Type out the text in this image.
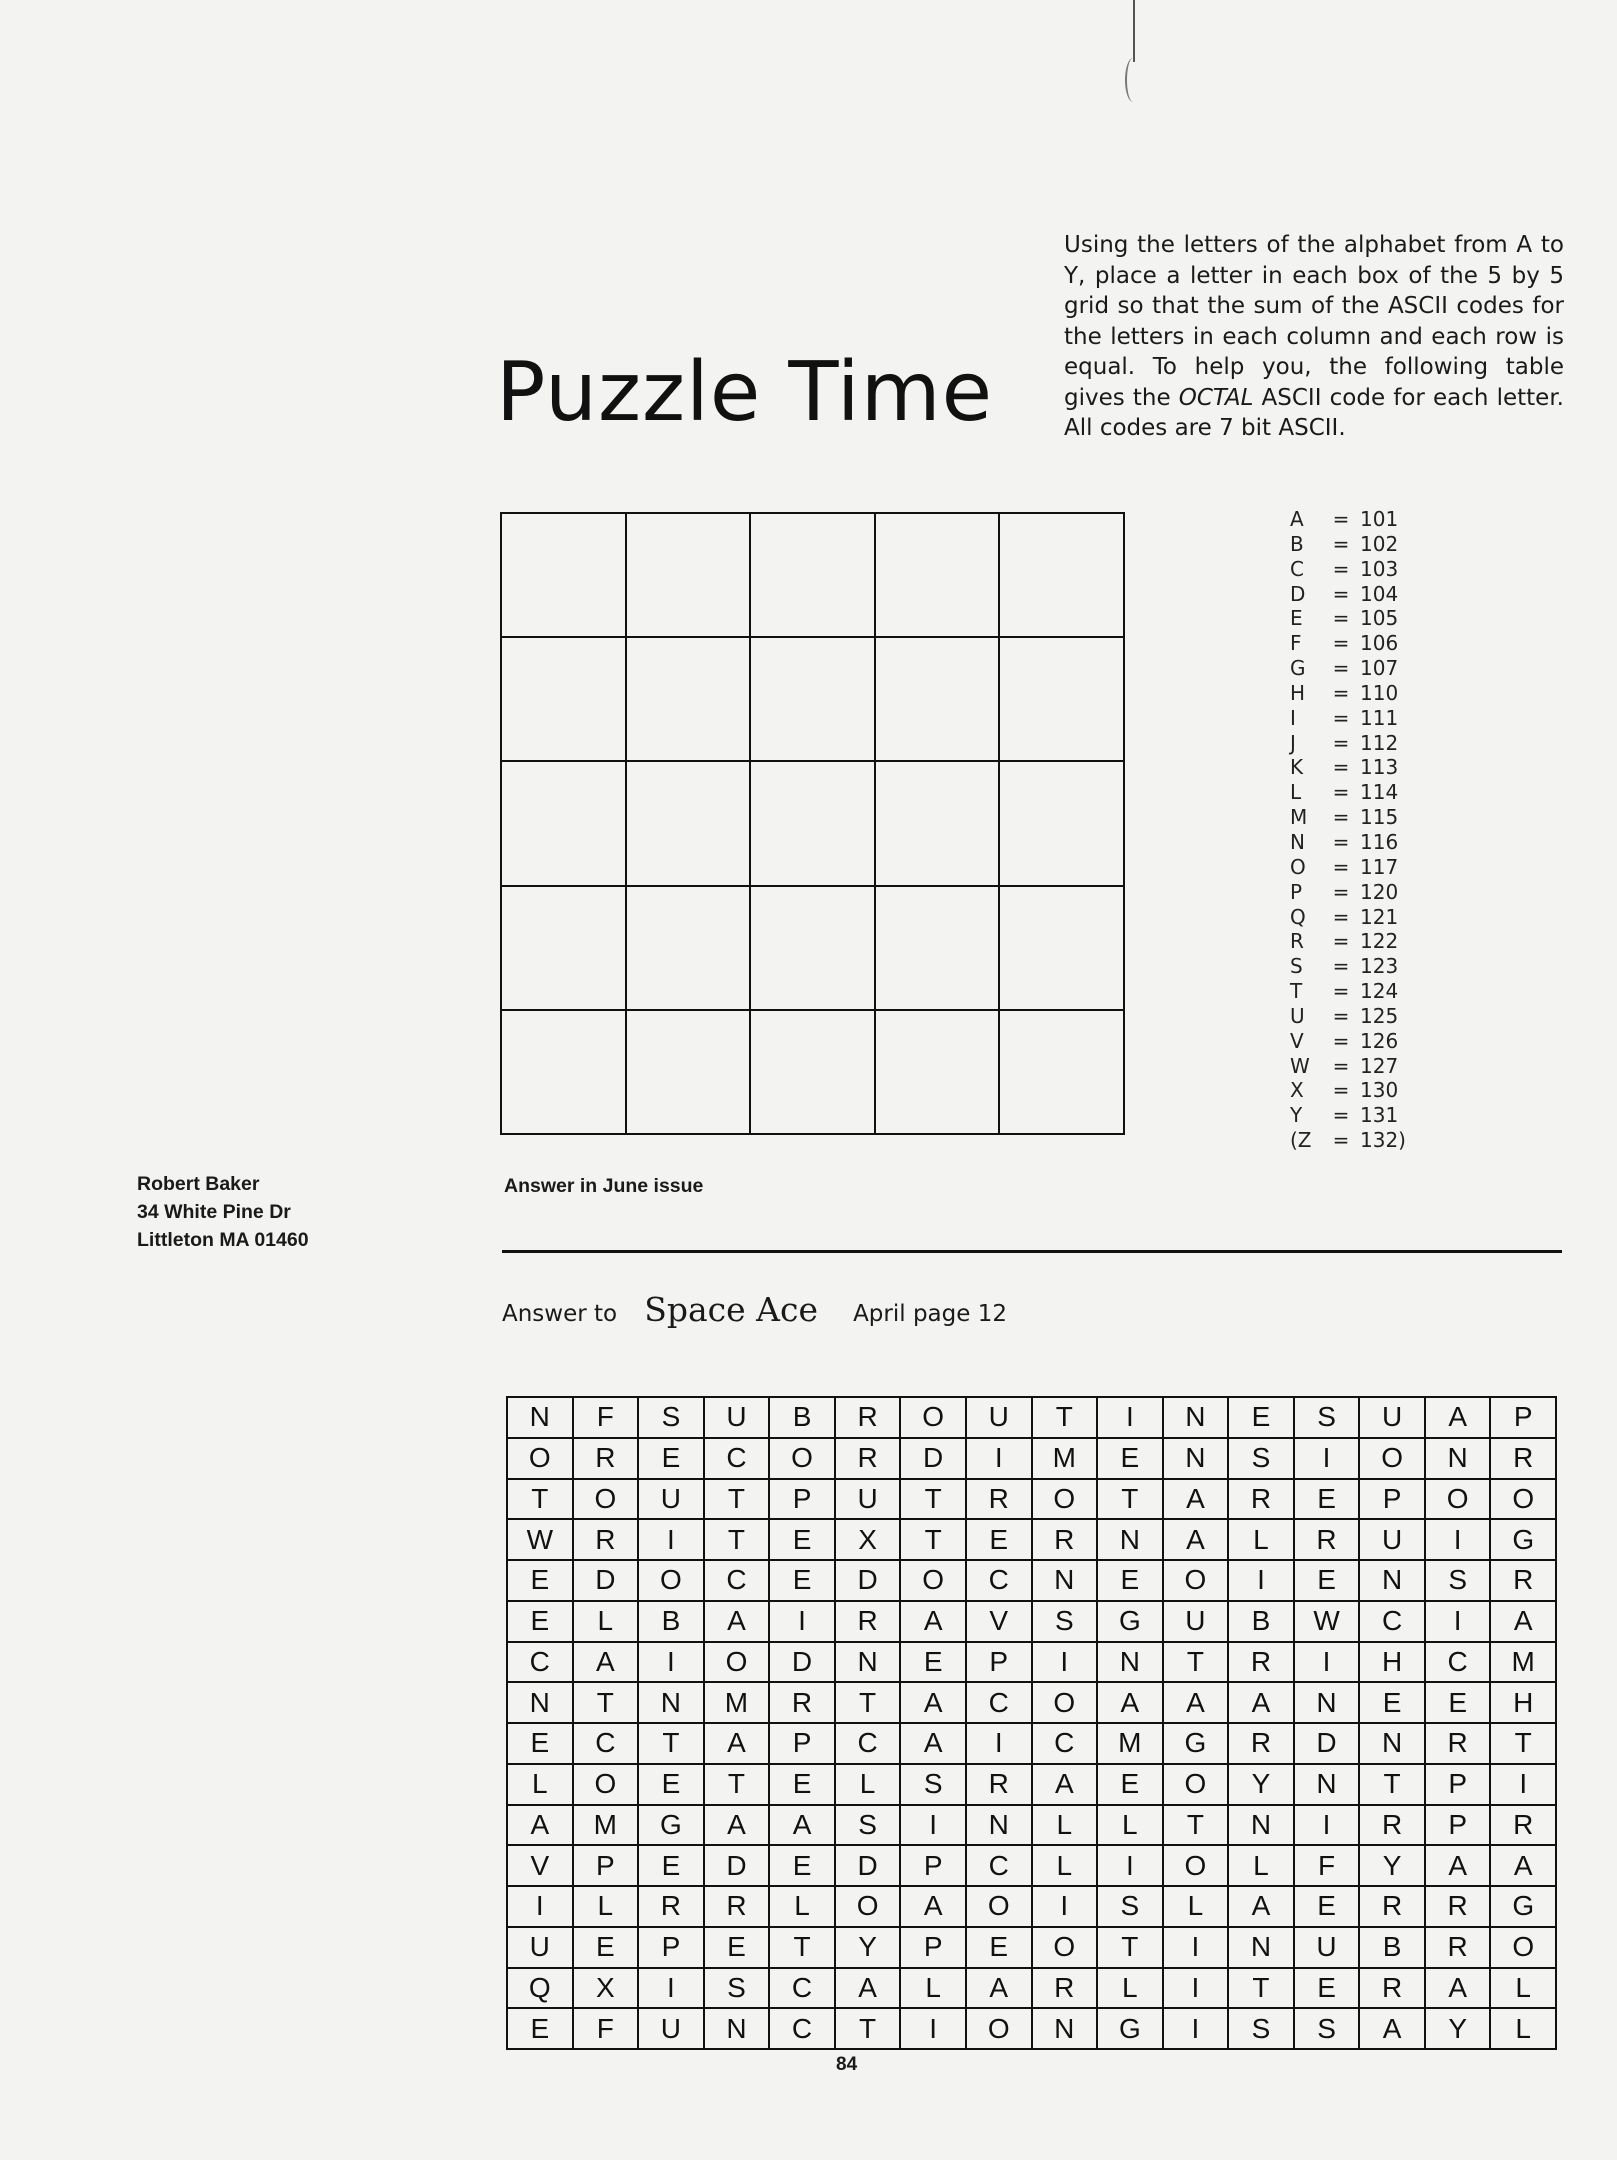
Puzzle Time

Using the letters of the alphabet from A to Y, place a letter in each box of the 5 by 5 grid so that the sum of the ASCII codes for the letters in each column and each row is equal. To help you, the following table gives the OCTAL ASCII code for each letter. All codes are 7 bit ASCII.

A	=	101
B	=	102
C	=	103
D	=	104
E	=	105
F	=	106
G	=	107
H	=	110
I	=	111
J	=	112
K	=	113
L	=	114
M	=	115
N	=	116
O	=	117
P	=	120
Q	=	121
R	=	122
S	=	123
T	=	124
U	=	125
V	=	126
W	=	127
X	=	130
Y	=	131
(Z	=	132)
Robert Baker
34 White Pine Dr
Littleton MA 01460
Answer in June issue
Answer to Space Ace April page 12
N	F	S	U	B	R	O	U	T	I	N	E	S	U	A	P
O	R	E	C	O	R	D	I	M	E	N	S	I	O	N	R
T	O	U	T	P	U	T	R	O	T	A	R	E	P	O	O
W	R	I	T	E	X	T	E	R	N	A	L	R	U	I	G
E	D	O	C	E	D	O	C	N	E	O	I	E	N	S	R
E	L	B	A	I	R	A	V	S	G	U	B	W	C	I	A
C	A	I	O	D	N	E	P	I	N	T	R	I	H	C	M
N	T	N	M	R	T	A	C	O	A	A	A	N	E	E	H
E	C	T	A	P	C	A	I	C	M	G	R	D	N	R	T
L	O	E	T	E	L	S	R	A	E	O	Y	N	T	P	I
A	M	G	A	A	S	I	N	L	L	T	N	I	R	P	R
V	P	E	D	E	D	P	C	L	I	O	L	F	Y	A	A
I	L	R	R	L	O	A	O	I	S	L	A	E	R	R	G
U	E	P	E	T	Y	P	E	O	T	I	N	U	B	R	O
Q	X	I	S	C	A	L	A	R	L	I	T	E	R	A	L
E	F	U	N	C	T	I	O	N	G	I	S	S	A	Y	L
84
